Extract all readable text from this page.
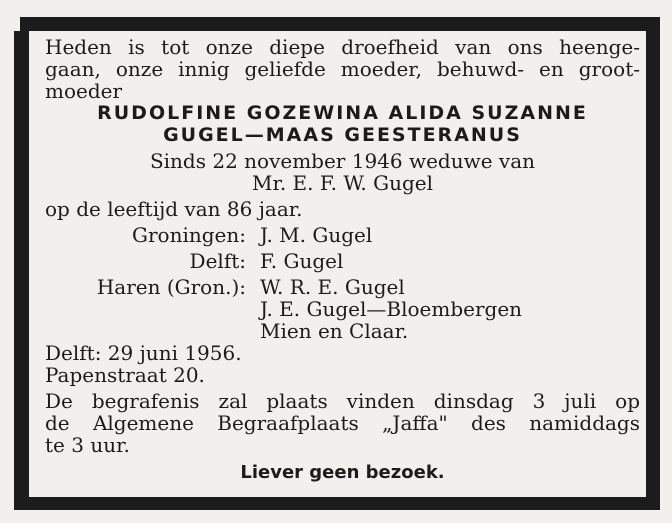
Heden is tot onze diepe droefheid van ons heenge-
gaan, onze innig geliefde moeder, behuwd- en groot-
moeder
RUDOLFINE GOZEWINA ALIDA SUZANNE
GUGEL—MAAS GEESTERANUS
Sinds 22 november 1946 weduwe van
Mr. E. F. W. Gugel
op de leeftijd van 86 jaar.
Groningen: J. M. Gugel
Delft: F. Gugel
Haren (Gron.): W. R. E. Gugel
J. E. Gugel—Bloembergen
Mien en Claar.
Delft: 29 juni 1956.
Papenstraat 20.
De begrafenis zal plaats vinden dinsdag 3 juli op
de Algemene Begraafplaats „Jaffa" des namiddags
te 3 uur.
Liever geen bezoek.
